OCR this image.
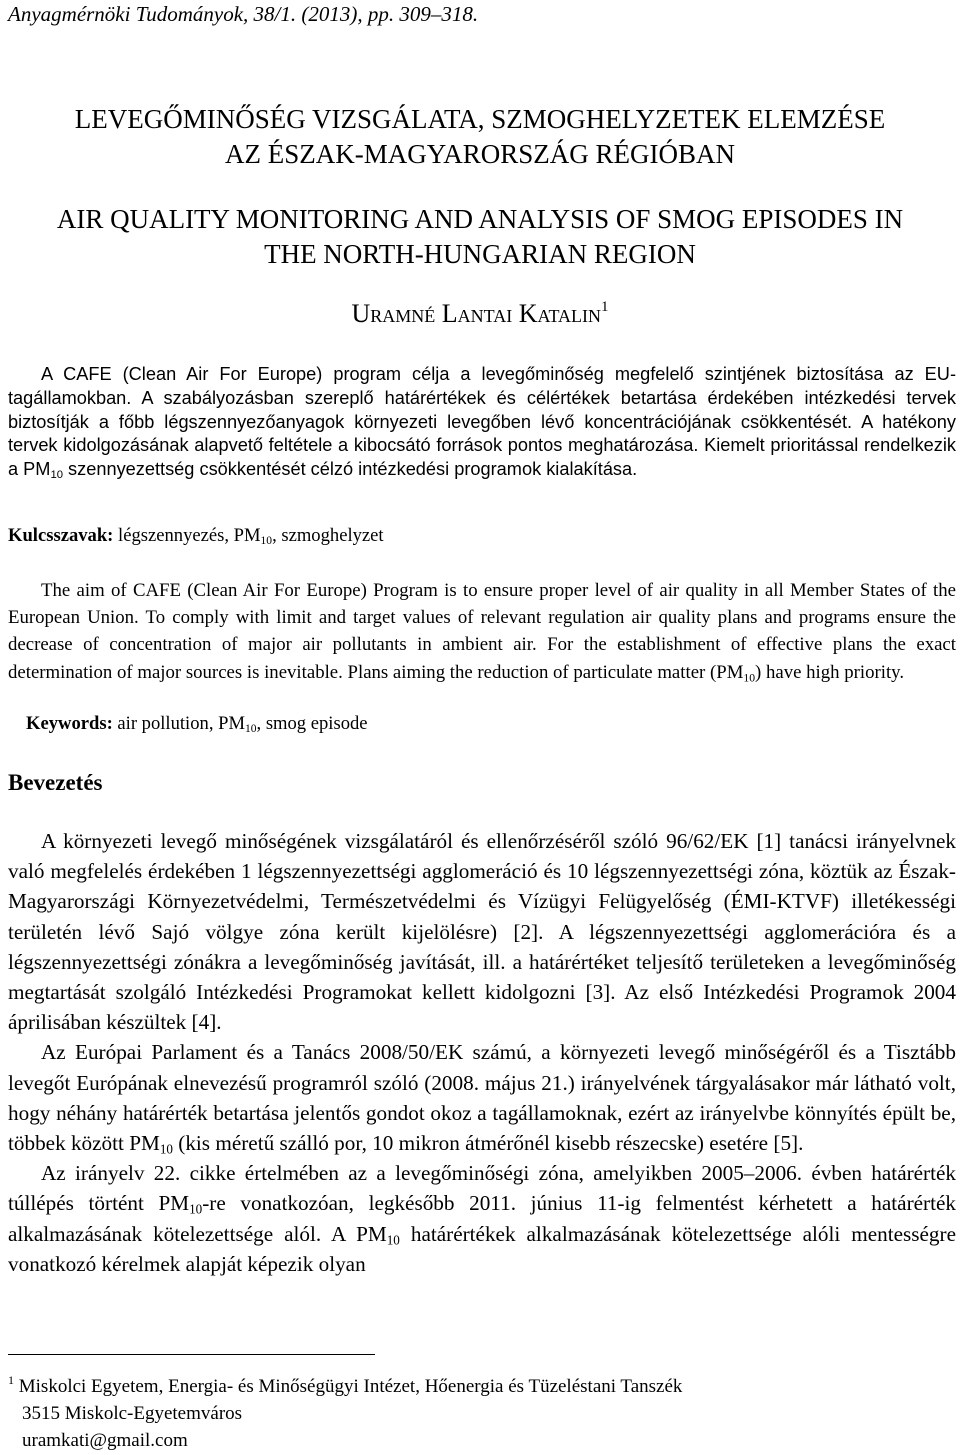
Anyagmérnöki Tudományok, 38/1. (2013), pp. 309–318.
LEVEGŐMINŐSÉG VIZSGÁLATA, SZMOGHELYZETEK ELEMZÉSE
AZ ÉSZAK-MAGYARORSZÁG RÉGIÓBAN
AIR QUALITY MONITORING AND ANALYSIS OF SMOG EPISODES IN
THE NORTH-HUNGARIAN REGION
Uramné Lantai Katalin$^1$

A CAFE (Clean Air For Europe) program célja a levegőminőség megfelelő szintjének biztosítása az EU-tagállamokban. A szabályozásban szereplő határértékek és célértékek betartása érdekében intézkedési tervek biztosítják a főbb légszennyezőanyagok környezeti levegőben lévő koncentrációjának csökkentését. A hatékony tervek kidolgozásának alapvető feltétele a kibocsátó források pontos meghatározása. Kiemelt prioritással rendelkezik a $PM_{10}$ szennyezettség csökkentését célzó intézkedési programok kialakítása.

Kulcsszavak: légszennyezés, $PM_{10}$, szmoghelyzet

The aim of CAFE (Clean Air For Europe) Program is to ensure proper level of air quality in all Member States of the European Union. To comply with limit and target values of relevant regulation air quality plans and programs ensure the decrease of concentration of major air pollutants in ambient air. For the establishment of effective plans the exact determination of major sources is inevitable. Plans aiming the reduction of particulate matter $(PM_{10})$ have high priority.

Keywords: air pollution, $PM_{10}$, smog episode
Bevezetés

A környezeti levegő minőségének vizsgálatáról és ellenőrzéséről szóló 96/62/EK [1] tanácsi irányelvnek való megfelelés érdekében 1 légszennyezettségi agglomeráció és 10 légszennyezettségi zóna, köztük az Észak-Magyarországi Környezetvédelmi, Természetvédelmi és Vízügyi Felügyelőség (ÉMI-KTVF) illetékességi területén lévő Sajó völgye zóna került kijelölésre) [2]. A légszennyezettségi agglomerációra és a légszennyezettségi zónákra a levegőminőség javítását, ill. a határértéket teljesítő területeken a levegőminőség megtartását szolgáló Intézkedési Programokat kellett kidolgozni [3]. Az első Intézkedési Programok 2004 áprilisában készültek [4].

Az Európai Parlament és a Tanács 2008/50/EK számú, a környezeti levegő minőségéről és a Tisztább levegőt Európának elnevezésű programról szóló (2008. május 21.) irányelvének tárgyalásakor már látható volt, hogy néhány határérték betartása jelentős gondot okoz a tagállamoknak, ezért az irányelvbe könnyítés épült be, többek között $PM_{10}$ (kis méretű szálló por, 10 mikron átmérőnél kisebb részecske) esetére [5].

Az irányelv 22. cikke értelmében az a levegőminőségi zóna, amelyikben 2005–2006. évben határérték túllépés történt $PM_{10}-re$ vonatkozóan, legkésőbb 2011. június 11-ig felmentést kérhetett a határérték alkalmazásának kötelezettsége alól. A $PM_{10}$ határértékek alkalmazásának kötelezettsége alóli mentességre vonatkozó kérelmek alapját képezik olyan

$^1$ Miskolci Egyetem, Energia- és Minőségügyi Intézet, Hőenergia és Tüzeléstani Tanszék
3515 Miskolc-Egyetemváros
uramkati@gmail.com
